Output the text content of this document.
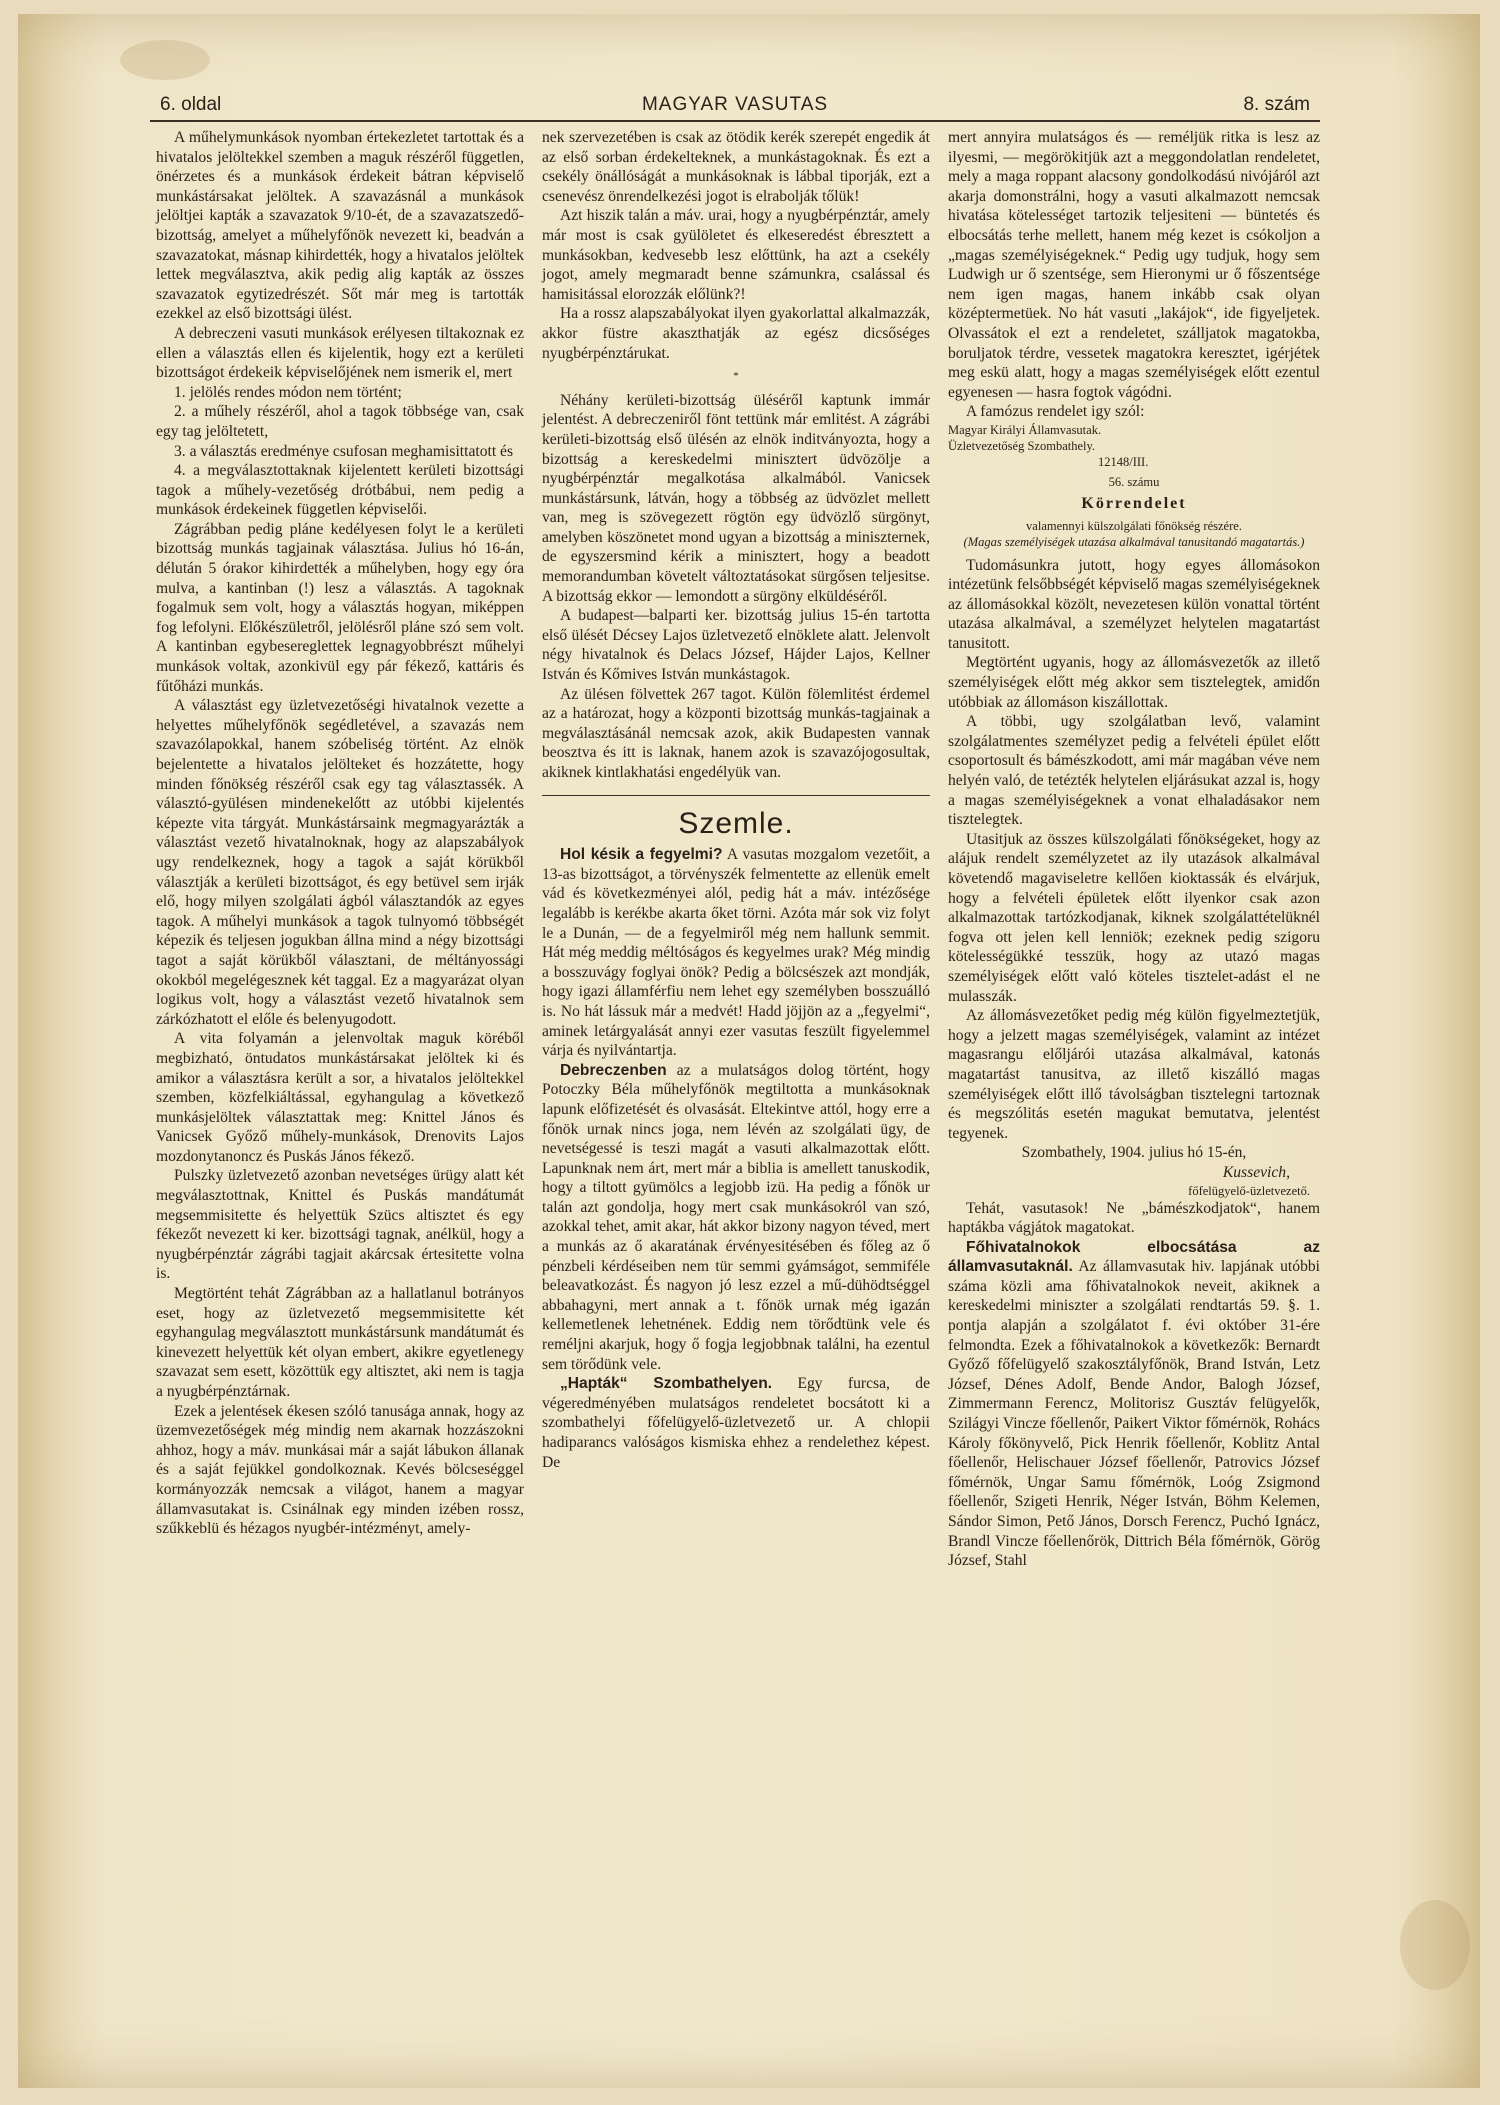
MAGYAR VASUTAS
6. oldal	8. szám

A műhelymunkások nyomban értekezletet tartottak és a hivatalos jelöltekkel szemben a maguk részéről független, önérzetes és a munkások érdekeit bátran képviselő munkástársakat jelöltek. A szavazásnál a munkások jelöltjei kapták a szavazatok 9/10-ét, de a szavazatszedő-bizottság, amelyet a műhelyfőnök nevezett ki, beadván a szavazatokat, másnap kihirdették, hogy a hivatalos jelöltek lettek megválasztva, akik pedig alig kapták az összes szavazatok egytizedrészét. Sőt már meg is tartották ezekkel az első bizottsági ülést.

A debreczeni vasuti munkások erélyesen tiltakoznak ez ellen a választás ellen és kijelentik, hogy ezt a kerületi bizottságot érdekeik képviselőjének nem ismerik el, mert

1. jelölés rendes módon nem történt;
2. a műhely részéről, ahol a tagok többsége van, csak egy tag jelöltetett,
3. a választás eredménye csufosan meghamisittatott és
4. a megválasztottaknak kijelentett kerületi bizottsági tagok a műhely-vezetőség drótbábui, nem pedig a munkások érdekeinek független képviselői.

Zágrábban pedig pláne kedélyesen folyt le a kerületi bizottság munkás tagjainak választása. Julius hó 16-án, délután 5 órakor kihirdették a műhelyben, hogy egy óra mulva, a kantinban (!) lesz a választás. A tagoknak fogalmuk sem volt, hogy a választás hogyan, miképpen fog lefolyni. Előkészületről, jelölésről pláne szó sem volt. A kantinban egybesereglettek legnagyobbrészt műhelyi munkások voltak, azonkivül egy pár fékező, kattáris és fűtőházi munkás.

A választást egy üzletvezetőségi hivatalnok vezette a helyettes műhelyfőnök segédletével, a szavazás nem szavazólapokkal, hanem szóbeliség történt. Az elnök bejelentette a hivatalos jelölteket és hozzátette, hogy minden főnökség részéről csak egy tag választassék. A választó-gyülésen mindenekelőtt az utóbbi kijelentés képezte vita tárgyát. Munkástársaink megmagyarázták a választást vezető hivatalnoknak, hogy az alapszabályok ugy rendelkeznek, hogy a tagok a saját körükből választják a kerületi bizottságot, és egy betüvel sem irják elő, hogy milyen szolgálati ágból választandók az egyes tagok. A műhelyi munkások a tagok tulnyomó többségét képezik és teljesen jogukban állna mind a négy bizottsági tagot a saját körükből választani, de méltányossági okokból megelégesznek két taggal. Ez a magyarázat olyan logikus volt, hogy a választást vezető hivatalnok sem zárkózhatott el előle és belenyugodott.

A vita folyamán a jelenvoltak maguk köréből megbizható, öntudatos munkástársakat jelöltek ki és amikor a választásra került a sor, a hivatalos jelöltekkel szemben, közfelkiáltással, egyhangulag a következő munkásjelöltek választattak meg: Knittel János és Vanicsek Győző műhely-munkások, Drenovits Lajos mozdonytanoncz és Puskás János fékező.

Pulszky üzletvezető azonban nevetséges ürügy alatt két megválasztottnak, Knittel és Puskás mandátumát megsemmisitette és helyettük Szücs altisztet és egy fékezőt nevezett ki ker. bizottsági tagnak, anélkül, hogy a nyugbérpénztár zágrábi tagjait akárcsak értesitette volna is.

Megtörtént tehát Zágrábban az a hallatlanul botrányos eset, hogy az üzletvezető megsemmisitette két egyhangulag megválasztott munkástársunk mandátumát és kinevezett helyettük két olyan embert, akikre egyetlenegy szavazat sem esett, közöttük egy altisztet, aki nem is tagja a nyugbérpénztárnak.

Ezek a jelentések ékesen szóló tanusága annak, hogy az üzemvezetőségek még mindig nem akarnak hozzászokni ahhoz, hogy a máv. munkásai már a saját lábukon állanak és a saját fejükkel gondolkoznak. Kevés bölcseséggel kormányozzák nemcsak a világot, hanem a magyar államvasutakat is. Csinálnak egy minden izében rossz, szűkkeblü és hézagos nyugbér-intézményt, amely-

nek szervezetében is csak az ötödik kerék szerepét engedik át az első sorban érdekelteknek, a munkástagoknak. És ezt a csekély önállóságát a munkásoknak is lábbal tiporják, ezt a csenevész önrendelkezési jogot is elrabolják tőlük!

Azt hiszik talán a máv. urai, hogy a nyugbérpénztár, amely már most is csak gyülöletet és elkeseredést ébresztett a munkásokban, kedvesebb lesz előttünk, ha azt a csekély jogot, amely megmaradt benne számunkra, csalással és hamisitással elorozzák előlünk?!

Ha a rossz alapszabályokat ilyen gyakorlattal alkalmazzák, akkor füstre akaszthatják az egész dicsőséges nyugbérpénztárukat.

*

Néhány kerületi-bizottság üléséről kaptunk immár jelentést. A debreczeniről fönt tettünk már emlitést. A zágrábi kerületi-bizottság első ülésén az elnök inditványozta, hogy a bizottság a kereskedelmi minisztert üdvözölje a nyugbérpénztár megalkotása alkalmából. Vanicsek munkástársunk, látván, hogy a többség az üdvözlet mellett van, meg is szövegezett rögtön egy üdvözlő sürgönyt, amelyben köszönetet mond ugyan a bizottság a miniszternek, de egyszersmind kérik a minisztert, hogy a beadott memorandumban követelt változtatásokat sürgősen teljesitse. A bizottság ekkor — lemondott a sürgöny elküldéséről.

A budapest—balparti ker. bizottság julius 15-én tartotta első ülését Décsey Lajos üzletvezető elnöklete alatt. Jelenvolt négy hivatalnok és Delacs József, Hájder Lajos, Kellner István és Kőmives István munkástagok.

Az ülésen fölvettek 267 tagot. Külön fölemlitést érdemel az a határozat, hogy a központi bizottság munkás-tagjainak a megválasztásánál nemcsak azok, akik Budapesten vannak beosztva és itt is laknak, hanem azok is szavazójogosultak, akiknek kintlakhatási engedélyük van.

Szemle.

Hol késik a fegyelmi? A vasutas mozgalom vezetőit, a 13-as bizottságot, a törvényszék felmentette az ellenük emelt vád és következményei alól, pedig hát a máv. intézősége legalább is kerékbe akarta őket törni. Azóta már sok viz folyt le a Dunán, — de a fegyelmiről még nem hallunk semmit. Hát még meddig méltóságos és kegyelmes urak? Még mindig a bosszuvágy foglyai önök? Pedig a bölcsészek azt mondják, hogy igazi államférfiu nem lehet egy személyben bosszuálló is. No hát lássuk már a medvét! Hadd jöjjön az a „fegyelmi“, aminek letárgyalását annyi ezer vasutas feszült figyelemmel várja és nyilvántartja.

Debreczenben az a mulatságos dolog történt, hogy Potoczky Béla műhelyfőnök megtiltotta a munkásoknak lapunk előfizetését és olvasását. Eltekintve attól, hogy erre a főnök urnak nincs joga, nem lévén az szolgálati ügy, de nevetségessé is teszi magát a vasuti alkalmazottak előtt. Lapunknak nem árt, mert már a biblia is amellett tanuskodik, hogy a tiltott gyümölcs a legjobb izü. Ha pedig a főnök ur talán azt gondolja, hogy mert csak munkásokról van szó, azokkal tehet, amit akar, hát akkor bizony nagyon téved, mert a munkás az ő akaratának érvényesitésében és főleg az ő pénzbeli kérdéseiben nem tür semmi gyámságot, semmiféle beleavatkozást. És nagyon jó lesz ezzel a mű-dühödtséggel abbahagyni, mert annak a t. főnök urnak még igazán kellemetlenek lehetnének. Eddig nem törődtünk vele és reméljni akarjuk, hogy ő fogja legjobbnak találni, ha ezentul sem törődünk vele.

„Hapták“ Szombathelyen. Egy furcsa, de végeredményében mulatságos rendeletet bocsátott ki a szombathelyi főfelügyelő-üzletvezető ur. A chlopii hadiparancs valóságos kismiska ehhez a rendelethez képest. De

mert annyira mulatságos és — reméljük ritka is lesz az ilyesmi, — megörökitjük azt a meggondolatlan rendeletet, mely a maga roppant alacsony gondolkodású nivójáról azt akarja domonstrálni, hogy a vasuti alkalmazott nemcsak hivatása kötelességet tartozik teljesiteni — büntetés és elbocsátás terhe mellett, hanem még kezet is csókoljon a „magas személyiségeknek.“ Pedig ugy tudjuk, hogy sem Ludwigh ur ő szentsége, sem Hieronymi ur ő főszentsége nem igen magas, hanem inkább csak olyan középtermetüek. No hát vasuti „lakájok“, ide figyeljetek. Olvassátok el ezt a rendeletet, szálljatok magatokba, boruljatok térdre, vessetek magatokra keresztet, igérjétek meg eskü alatt, hogy a magas személyiségek előtt ezentul egyenesen — hasra fogtok vágódni.

A famózus rendelet igy szól:

Magyar Királyi Államvasutak.

Üzletvezetőség Szombathely.

12148/III.

56. számu

Körrendelet

valamennyi külszolgálati főnökség részére.

(Magas személyiségek utazása alkalmával tanusitandó magatartás.)

Tudomásunkra jutott, hogy egyes állomásokon intézetünk felsőbbségét képviselő magas személyiségeknek az állomásokkal közölt, nevezetesen külön vonattal történt utazása alkalmával, a személyzet helytelen magatartást tanusitott.

Megtörtént ugyanis, hogy az állomásvezetők az illető személyiségek előtt még akkor sem tisztelegtek, amidőn utóbbiak az állomáson kiszállottak.

A többi, ugy szolgálatban levő, valamint szolgálatmentes személyzet pedig a felvételi épület előtt csoportosult és bámészkodott, ami már magában véve nem helyén való, de tetézték helytelen eljárásukat azzal is, hogy a magas személyiségeknek a vonat elhaladásakor nem tisztelegtek.

Utasitjuk az összes külszolgálati főnökségeket, hogy az alájuk rendelt személyzetet az ily utazások alkalmával követendő magaviseletre kellően kioktassák és elvárjuk, hogy a felvételi épületek előtt ilyenkor csak azon alkalmazottak tartózkodjanak, kiknek szolgálattételüknél fogva ott jelen kell lenniök; ezeknek pedig szigoru kötelességükké tesszük, hogy az utazó magas személyiségek előtt való köteles tisztelet-adást el ne mulasszák.

Az állomásvezetőket pedig még külön figyelmeztetjük, hogy a jelzett magas személyiségek, valamint az intézet magasrangu előljárói utazása alkalmával, katonás magatartást tanusitva, az illető kiszálló magas személyiségek előtt illő távolságban tisztelegni tartoznak és megszólitás esetén magukat bemutatva, jelentést tegyenek.

Szombathely, 1904. julius hó 15-én,

Kussevich,

főfelügyelő-üzletvezető.

Tehát, vasutasok! Ne „bámészkodjatok“, hanem haptákba vágjátok magatokat.

Főhivatalnokok elbocsátása az államvasutaknál. Az államvasutak hiv. lapjának utóbbi száma közli ama főhivatalnokok neveit, akiknek a kereskedelmi miniszter a szolgálati rendtartás 59. §. 1. pontja alapján a szolgálatot f. évi október 31-ére felmondta. Ezek a főhivatalnokok a következők: Bernardt Győző főfelügyelő szakosztályfőnök, Brand István, Letz József, Dénes Adolf, Bende Andor, Balogh József, Zimmermann Ferencz, Molitorisz Gusztáv felügyelők, Szilágyi Vincze főellenőr, Paikert Viktor főmérnök, Rohács Károly főkönyvelő, Pick Henrik főellenőr, Koblitz Antal főellenőr, Helischauer József főellenőr, Patrovics József főmérnök, Ungar Samu főmérnök, Loóg Zsigmond főellenőr, Szigeti Henrik, Néger István, Böhm Kelemen, Sándor Simon, Pető János, Dorsch Ferencz, Puchó Ignácz, Brandl Vincze főellenőrök, Dittrich Béla főmérnök, Görög József, Stahl
